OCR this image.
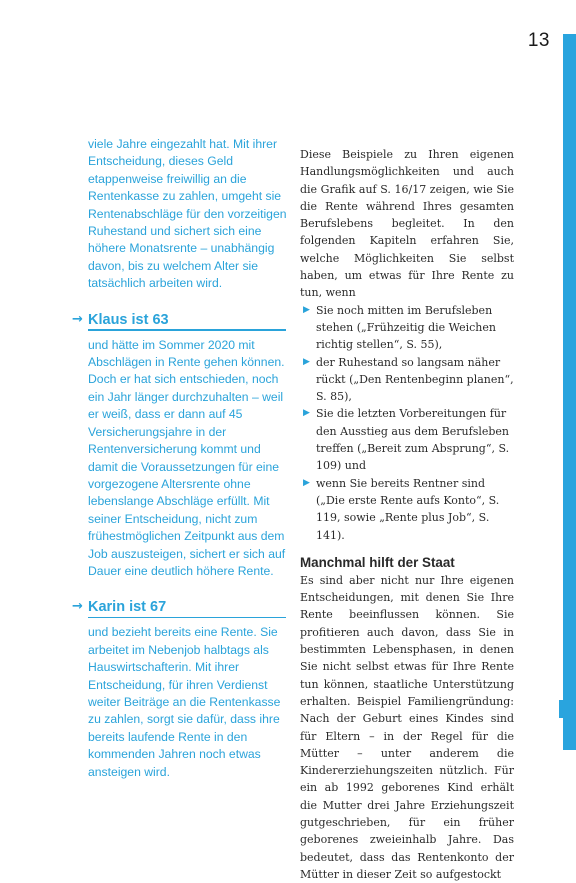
13

viele Jahre eingezahlt hat. Mit ihrer Entscheidung, dieses Geld etappenweise freiwillig an die Rentenkasse zu zahlen, umgeht sie Rentenabschläge für den vorzeitigen Ruhestand und sichert sich eine höhere Monatsrente – unabhängig davon, bis zu welchem Alter sie tatsächlich arbeiten wird.

→ Klaus ist 63

und hätte im Sommer 2020 mit Abschlägen in Rente gehen können. Doch er hat sich entschieden, noch ein Jahr länger durchzuhalten – weil er weiß, dass er dann auf 45 Versicherungsjahre in der Rentenversicherung kommt und damit die Voraussetzungen für eine vorgezogene Altersrente ohne lebenslange Abschläge erfüllt. Mit seiner Entscheidung, nicht zum frühestmöglichen Zeitpunkt aus dem Job auszusteigen, sichert er sich auf Dauer eine deutlich höhere Rente.

→ Karin ist 67

und bezieht bereits eine Rente. Sie arbeitet im Nebenjob halbtags als Hauswirtschafterin. Mit ihrer Entscheidung, für ihren Verdienst weiter Beiträge an die Rentenkasse zu zahlen, sorgt sie dafür, dass ihre bereits laufende Rente in den kommenden Jahren noch etwas ansteigen wird.

Diese Beispiele zu Ihren eigenen Handlungsmöglichkeiten und auch die Grafik auf S. 16/17 zeigen, wie Sie die Rente während Ihres gesamten Berufslebens begleitet. In den folgenden Kapiteln erfahren Sie, welche Möglichkeiten Sie selbst haben, um etwas für Ihre Rente zu tun, wenn

▶ Sie noch mitten im Berufsleben stehen („Frühzeitig die Weichen richtig stellen“, S. 55),
▶ der Ruhestand so langsam näher rückt („Den Rentenbeginn planen“, S. 85),
▶ Sie die letzten Vorbereitungen für den Ausstieg aus dem Berufsleben treffen („Bereit zum Absprung“, S. 109) und
▶ wenn Sie bereits Rentner sind („Die erste Rente aufs Konto“, S. 119, sowie „Rente plus Job“, S. 141).
Manchmal hilft der Staat

Es sind aber nicht nur Ihre eigenen Entscheidungen, mit denen Sie Ihre Rente beeinflussen können. Sie profitieren auch davon, dass Sie in bestimmten Lebensphasen, in denen Sie nicht selbst etwas für Ihre Rente tun können, staatliche Unterstützung erhalten. Beispiel Familiengründung: Nach der Geburt eines Kindes sind für Eltern – in der Regel für die Mütter – unter anderem die Kindererziehungszeiten nützlich. Für ein ab 1992 geborenes Kind erhält die Mutter drei Jahre Erziehungszeit gutgeschrieben, für ein früher geborenes zweieinhalb Jahre. Das bedeutet, dass das Rentenkonto der Mütter in dieser Zeit so aufgestockt
